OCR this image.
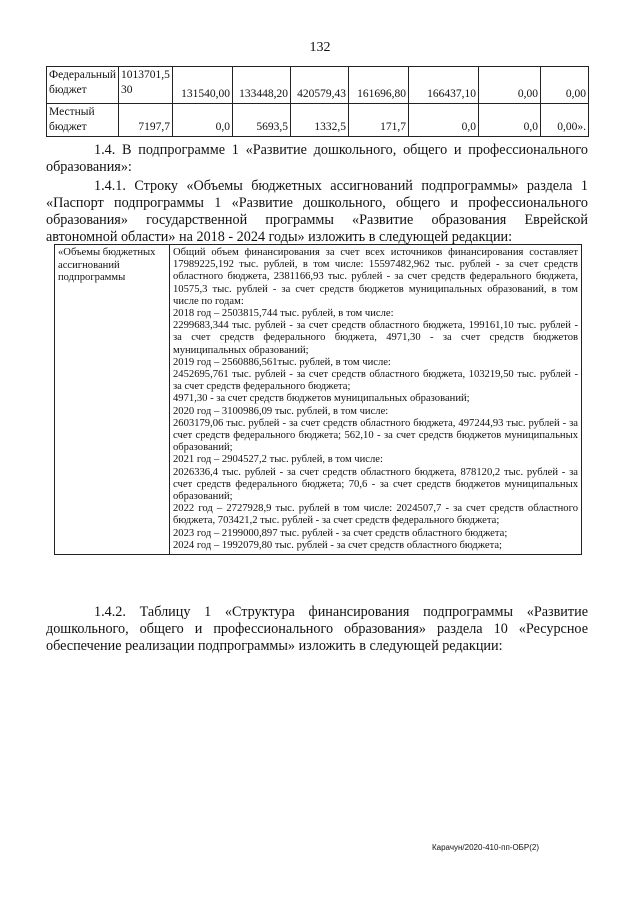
132
Федеральный бюджет	1013701,5 30	131540,00	133448,20	420579,43	161696,80	166437,10	0,00	0,00
Местный бюджет	7197,7	0,0	5693,5	1332,5	171,7	0,0	0,0	0,00».
1.4. В подпрограмме 1 «Развитие дошкольного, общего и профессионального образования»:
1.4.1. Строку «Объемы бюджетных ассигнований подпрограммы» раздела 1 «Паспорт подпрограммы 1 «Развитие дошкольного, общего и профессионального образования» государственной программы «Развитие образования Еврейской автономной области» на 2018 - 2024 годы» изложить в следующей редакции:
«Объемы бюджетных ассигнований подпрограммы	
Общий объем финансирования за счет всех источников финансирования составляет 17989225,192 тыс. рублей, в том числе: 15597482,962 тыс. рублей - за счет средств областного бюджета, 2381166,93 тыс. рублей - за счет средств федерального бюджета, 10575,3 тыс. рублей - за счет средств бюджетов муниципальных образований, в том числе по годам:
2018 год – 2503815,744 тыс. рублей, в том числе:
2299683,344 тыс. рублей - за счет средств областного бюджета, 199161,10 тыс. рублей - за счет средств федерального бюджета, 4971,30 - за счет средств бюджетов муниципальных образований;
2019 год – 2560886,561тыс. рублей, в том числе:
2452695,761 тыс. рублей - за счет средств областного бюджета, 103219,50 тыс. рублей - за счет средств федерального бюджета;
4971,30 - за счет средств бюджетов муниципальных образований;
2020 год – 3100986,09 тыс. рублей, в том числе:
2603179,06 тыс. рублей - за счет средств областного бюджета, 497244,93 тыс. рублей - за счет средств федерального бюджета; 562,10 - за счет средств бюджетов муниципальных образований;
2021 год – 2904527,2 тыс. рублей, в том числе:
2026336,4 тыс. рублей - за счет средств областного бюджета, 878120,2 тыс. рублей - за счет средств федерального бюджета; 70,6 - за счет средств бюджетов муниципальных образований;
2022 год – 2727928,9 тыс. рублей в том числе: 2024507,7 - за счет средств областного бюджета, 703421,2 тыс. рублей - за счет средств федерального бюджета;
2023 год – 2199000,897 тыс. рублей - за счет средств областного бюджета;
2024 год – 1992079,80 тыс. рублей - за счет средств областного бюджета;
1.4.2. Таблицу 1 «Структура финансирования подпрограммы «Развитие дошкольного, общего и профессионального образования» раздела 10 «Ресурсное обеспечение реализации подпрограммы» изложить в следующей редакции:
Карачун/2020-410-пп-ОБР(2)
